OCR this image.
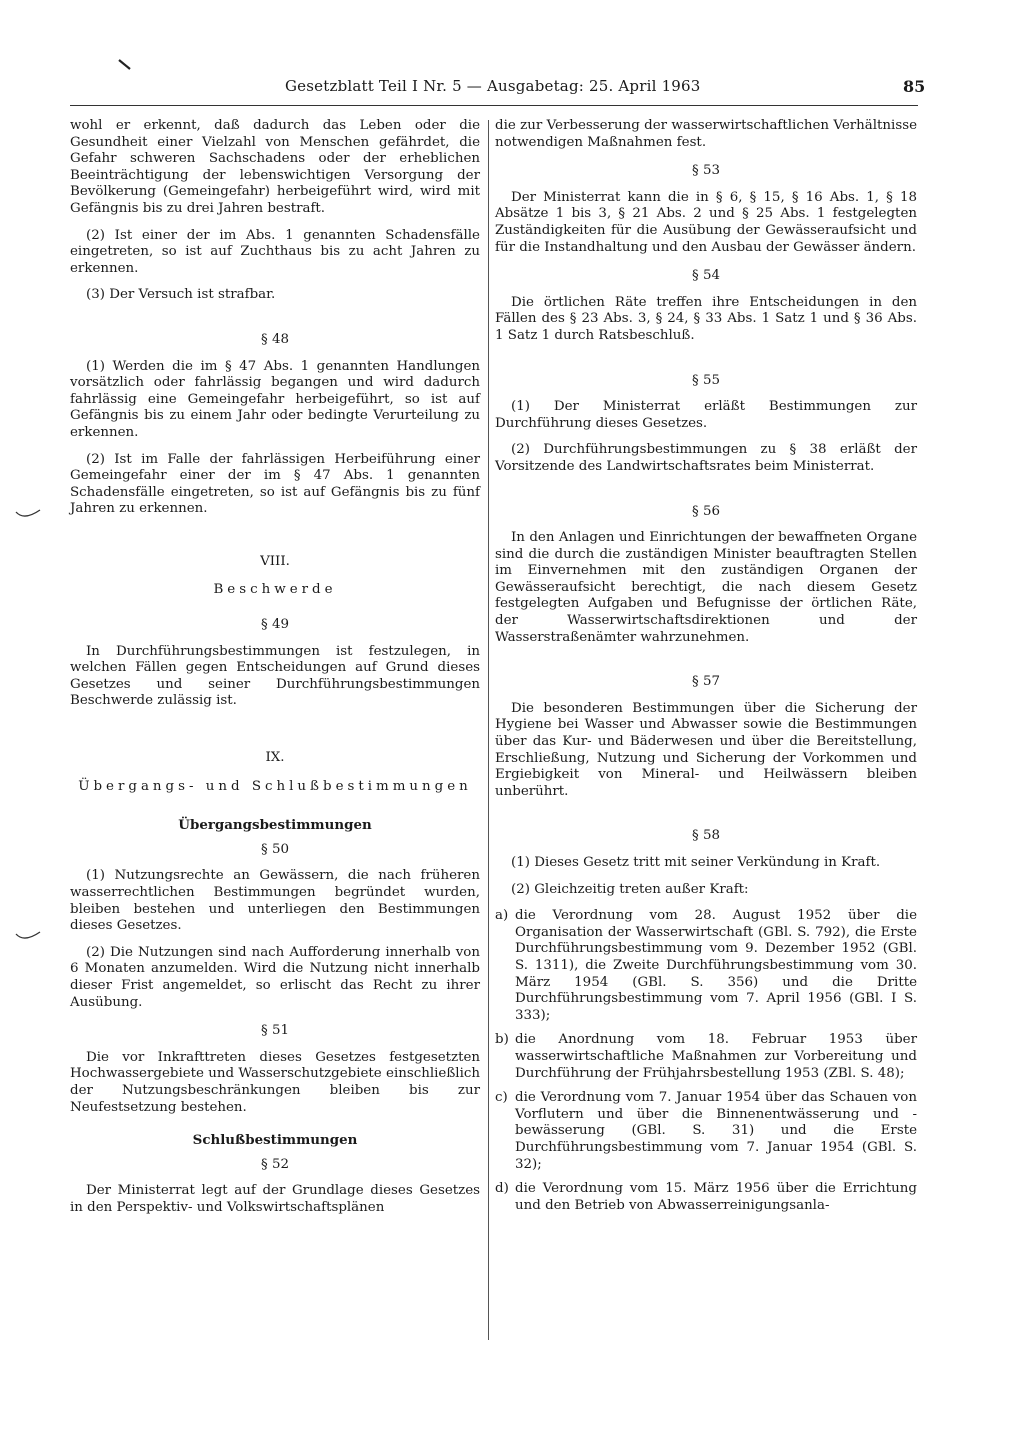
Gesetzblatt Teil I Nr. 5 — Ausgabetag: 25. April 1963	85

wohl er erkennt, daß dadurch das Leben oder die Gesundheit einer Vielzahl von Menschen gefährdet, die Gefahr schweren Sachschadens oder der erheblichen Beeinträchtigung der lebenswichtigen Versorgung der Bevölkerung (Gemeingefahr) herbeigeführt wird, wird mit Gefängnis bis zu drei Jahren bestraft.

(2) Ist einer der im Abs. 1 genannten Schadensfälle eingetreten, so ist auf Zuchthaus bis zu acht Jahren zu erkennen.

(3) Der Versuch ist strafbar.

§ 48

(1) Werden die im § 47 Abs. 1 genannten Handlungen vorsätzlich oder fahrlässig begangen und wird dadurch fahrlässig eine Gemeingefahr herbeigeführt, so ist auf Gefängnis bis zu einem Jahr oder bedingte Verurteilung zu erkennen.

(2) Ist im Falle der fahrlässigen Herbeiführung einer Gemeingefahr einer der im § 47 Abs. 1 genannten Schadensfälle eingetreten, so ist auf Gefängnis bis zu fünf Jahren zu erkennen.

VIII.
Beschwerde
§ 49

In Durchführungsbestimmungen ist festzulegen, in welchen Fällen gegen Entscheidungen auf Grund dieses Gesetzes und seiner Durchführungsbestimmungen Beschwerde zulässig ist.

IX.
Übergangs- und Schlußbestimmungen
Übergangsbestimmungen
§ 50

(1) Nutzungsrechte an Gewässern, die nach früheren wasserrechtlichen Bestimmungen begründet wurden, bleiben bestehen und unterliegen den Bestimmungen dieses Gesetzes.

(2) Die Nutzungen sind nach Aufforderung innerhalb von 6 Monaten anzumelden. Wird die Nutzung nicht innerhalb dieser Frist angemeldet, so erlischt das Recht zu ihrer Ausübung.

§ 51

Die vor Inkrafttreten dieses Gesetzes festgesetzten Hochwassergebiete und Wasserschutzgebiete einschließlich der Nutzungsbeschränkungen bleiben bis zur Neufestsetzung bestehen.

Schlußbestimmungen
§ 52

Der Ministerrat legt auf der Grundlage dieses Gesetzes in den Perspektiv- und Volkswirtschaftsplänen

die zur Verbesserung der wasserwirtschaftlichen Verhältnisse notwendigen Maßnahmen fest.

§ 53

Der Ministerrat kann die in § 6, § 15, § 16 Abs. 1, § 18 Absätze 1 bis 3, § 21 Abs. 2 und § 25 Abs. 1 festgelegten Zuständigkeiten für die Ausübung der Gewässeraufsicht und für die Instandhaltung und den Ausbau der Gewässer ändern.

§ 54

Die örtlichen Räte treffen ihre Entscheidungen in den Fällen des § 23 Abs. 3, § 24, § 33 Abs. 1 Satz 1 und § 36 Abs. 1 Satz 1 durch Ratsbeschluß.

§ 55

(1) Der Ministerrat erläßt Bestimmungen zur Durchführung dieses Gesetzes.

(2) Durchführungsbestimmungen zu § 38 erläßt der Vorsitzende des Landwirtschaftsrates beim Ministerrat.

§ 56

In den Anlagen und Einrichtungen der bewaffneten Organe sind die durch die zuständigen Minister beauftragten Stellen im Einvernehmen mit den zuständigen Organen der Gewässeraufsicht berechtigt, die nach diesem Gesetz festgelegten Aufgaben und Befugnisse der örtlichen Räte, der Wasserwirtschaftsdirektionen und der Wasserstraßenämter wahrzunehmen.

§ 57

Die besonderen Bestimmungen über die Sicherung der Hygiene bei Wasser und Abwasser sowie die Bestimmungen über das Kur- und Bäderwesen und über die Bereitstellung, Erschließung, Nutzung und Sicherung der Vorkommen und Ergiebigkeit von Mineral- und Heilwässern bleiben unberührt.

§ 58

(1) Dieses Gesetz tritt mit seiner Verkündung in Kraft.

(2) Gleichzeitig treten außer Kraft:

a) die Verordnung vom 28. August 1952 über die Organisation der Wasserwirtschaft (GBl. S. 792), die Erste Durchführungsbestimmung vom 9. Dezember 1952 (GBl. S. 1311), die Zweite Durchführungsbestimmung vom 30. März 1954 (GBl. S. 356) und die Dritte Durchführungsbestimmung vom 7. April 1956 (GBl. I S. 333);
b) die Anordnung vom 18. Februar 1953 über wasserwirtschaftliche Maßnahmen zur Vorbereitung und Durchführung der Frühjahrsbestellung 1953 (ZBl. S. 48);
c) die Verordnung vom 7. Januar 1954 über das Schauen von Vorflutern und über die Binnenentwässerung und -bewässerung (GBl. S. 31) und die Erste Durchführungsbestimmung vom 7. Januar 1954 (GBl. S. 32);
d) die Verordnung vom 15. März 1956 über die Errichtung und den Betrieb von Abwasserreinigungsanla-
